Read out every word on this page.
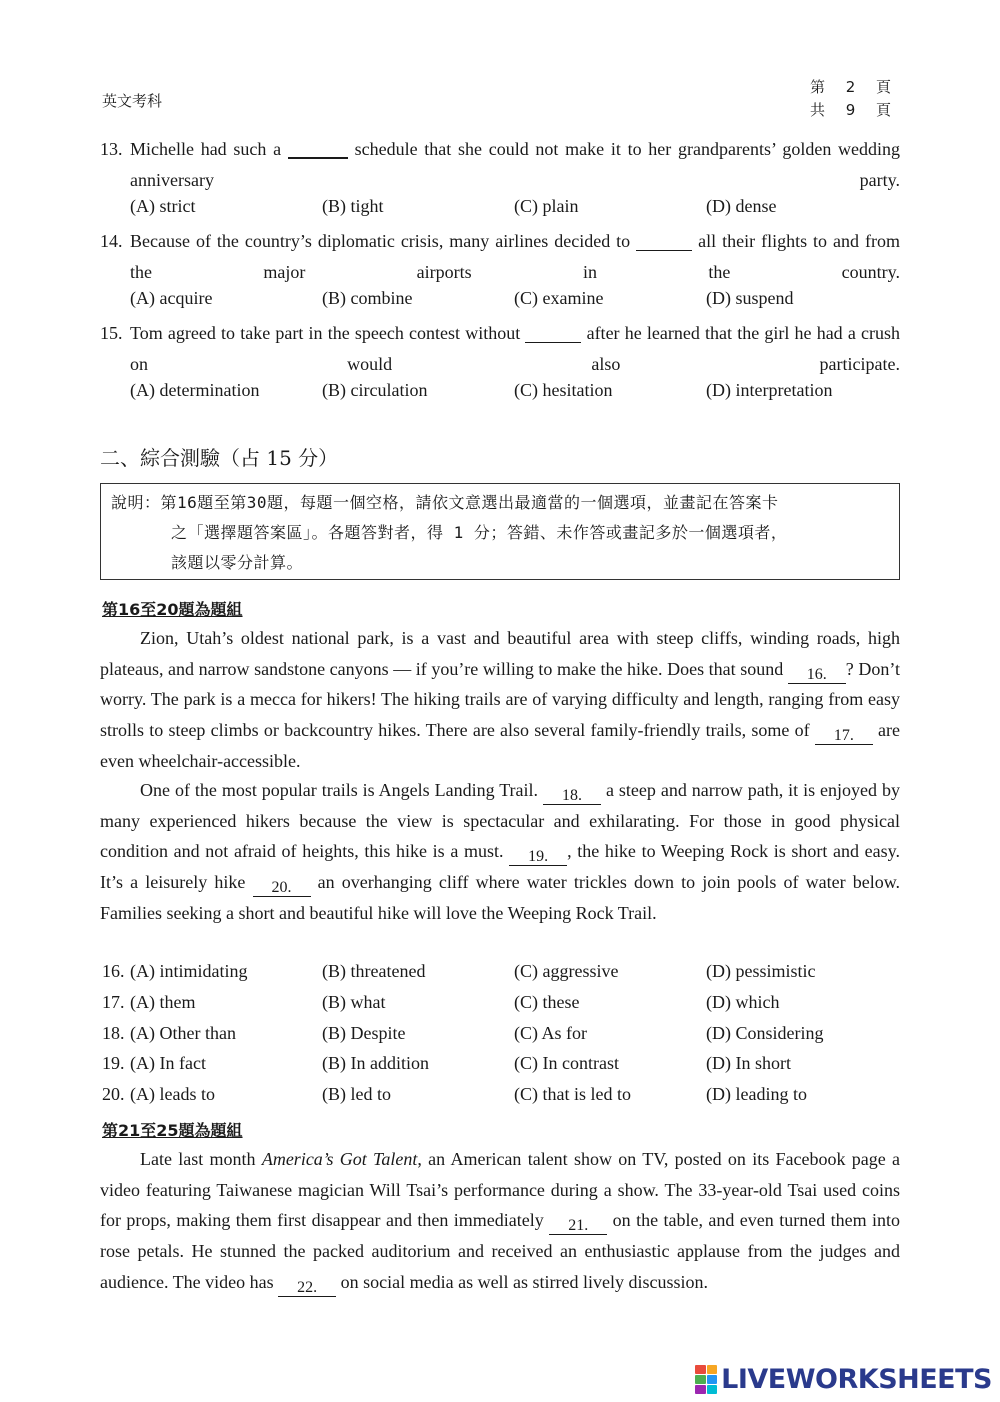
英文考科
第	2	頁
共	9	頁
13. Michelle had such a	schedule that she could not make it to her grandparents’ golden wedding anniversary party.
(A) strict	(B) tight	(C) plain	(D) dense
14. Because of the country’s diplomatic crisis, many airlines decided to	all their flights to and from the major airports in the country.
(A) acquire	(B) combine	(C) examine	(D) suspend
15. Tom agreed to take part in the speech contest without	after he learned that the girl he had a crush on would also participate.
(A) determination	(B) circulation	(C) hesitation	(D) interpretation
二、綜合測驗（占 15 分）
說明：第16題至第30題，每題一個空格，請依文意選出最適當的一個選項，並畫記在答案卡
之「選擇題答案區」。各題答對者，得 1 分；答錯、未作答或畫記多於一個選項者，
該題以零分計算。
第16至20題為題組
Zion, Utah’s oldest national park, is a vast and beautiful area with steep cliffs, winding roads, high plateaus, and narrow sandstone canyons — if you’re willing to make the hike. Does that sound 16. ? Don’t worry. The park is a mecca for hikers! The hiking trails are of varying difficulty and length, ranging from easy strolls to steep climbs or backcountry hikes. There are also several family-friendly trails, some of 17. are even wheelchair-accessible.
One of the most popular trails is Angels Landing Trail. 18. a steep and narrow path, it is enjoyed by many experienced hikers because the view is spectacular and exhilarating. For those in good physical condition and not afraid of heights, this hike is a must. 19. , the hike to Weeping Rock is short and easy. It’s a leisurely hike 20. an overhanging cliff where water trickles down to join pools of water below. Families seeking a short and beautiful hike will love the Weeping Rock Trail.
16. (A) intimidating	(B) threatened	(C) aggressive	(D) pessimistic
17. (A) them	(B) what	(C) these	(D) which
18. (A) Other than	(B) Despite	(C) As for	(D) Considering
19. (A) In fact	(B) In addition	(C) In contrast	(D) In short
20. (A) leads to	(B) led to	(C) that is led to	(D) leading to
第21至25題為題組
Late last month America’s Got Talent, an American talent show on TV, posted on its Facebook page a video featuring Taiwanese magician Will Tsai’s performance during a show. The 33-year-old Tsai used coins for props, making them first disappear and then immediately 21. on the table, and even turned them into rose petals. He stunned the packed auditorium and received an enthusiastic applause from the judges and audience. The video has 22. on social media as well as stirred lively discussion.
LIVEWORKSHEETS
